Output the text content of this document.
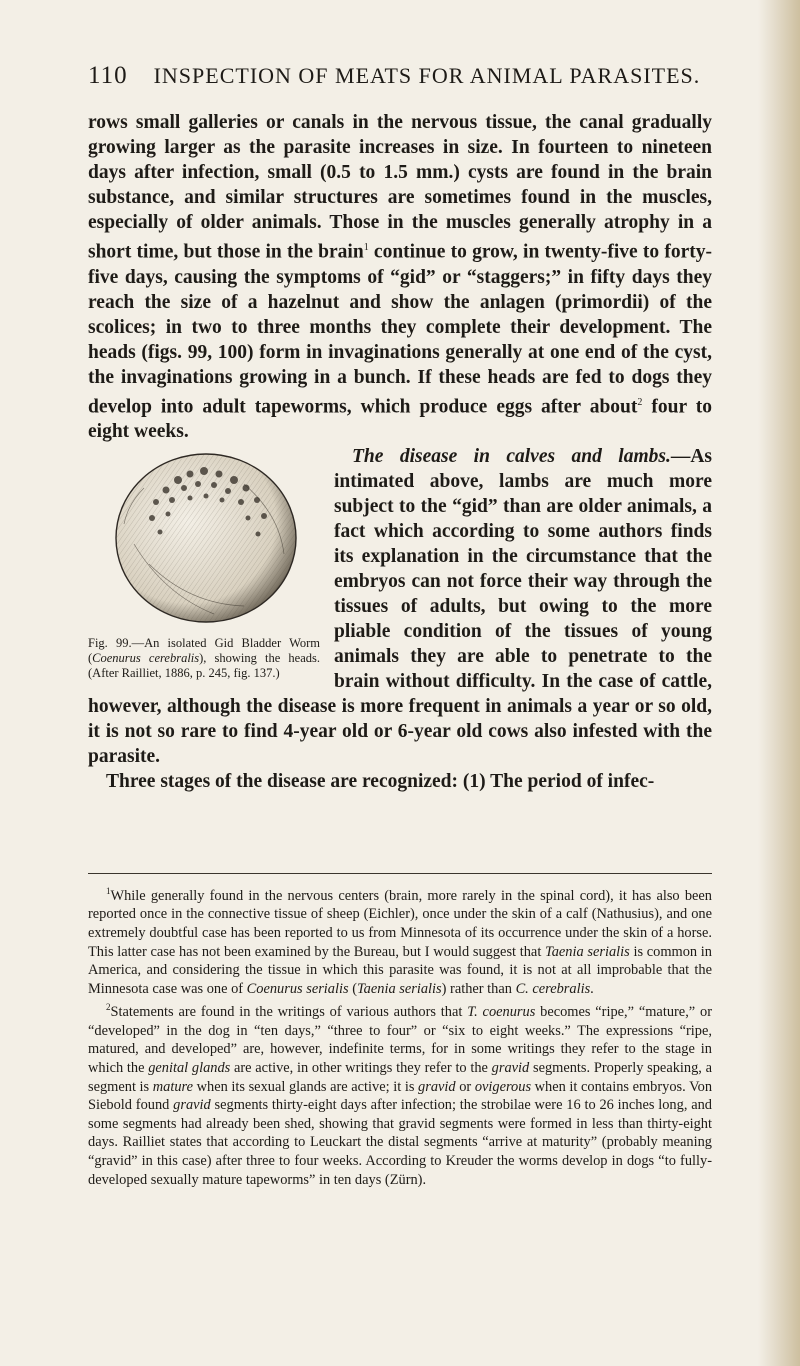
110 INSPECTION OF MEATS FOR ANIMAL PARASITES.

rows small galleries or canals in the nervous tissue, the canal gradually growing larger as the parasite increases in size. In fourteen to nineteen days after infection, small (0.5 to 1.5 mm.) cysts are found in the brain substance, and similar structures are sometimes found in the muscles, especially of older animals. Those in the muscles generally atrophy in a short time, but those in the brain$^1$ continue to grow, in twenty-five to forty-five days, causing the symptoms of “gid” or “staggers;” in fifty days they reach the size of a hazelnut and show the anlagen (primordii) of the scolices; in two to three months they complete their development. The heads (figs. 99, 100) form in invaginations generally at one end of the cyst, the invaginations growing in a bunch. If these heads are fed to dogs they develop into adult tapeworms, which produce eggs after about$^2$ four to eight weeks.

Fig. 99.—An isolated Gid Bladder Worm (Coenurus cerebralis), showing the heads. (After Railliet, 1886, p. 245, fig. 137.)

The disease in calves and lambs.—As intimated above, lambs are much more subject to the “gid” than are older animals, a fact which according to some authors finds its explanation in the circumstance that the embryos can not force their way through the tissues of adults, but owing to the more pliable condition of the tissues of young animals they are able to penetrate to the brain without difficulty. In the case of cattle, however, although the disease is more frequent in animals a year or so old, it is not so rare to find 4-year old or 6-year old cows also infested with the parasite.

Three stages of the disease are recognized: (1) The period of infec-

$^1$While generally found in the nervous centers (brain, more rarely in the spinal cord), it has also been reported once in the connective tissue of sheep (Eichler), once under the skin of a calf (Nathusius), and one extremely doubtful case has been reported to us from Minnesota of its occurrence under the skin of a horse. This latter case has not been examined by the Bureau, but I would suggest that Taenia serialis is common in America, and considering the tissue in which this parasite was found, it is not at all improbable that the Minnesota case was one of Coenurus serialis (Taenia serialis) rather than C. cerebralis.

$^2$Statements are found in the writings of various authors that T. coenurus becomes “ripe,” “mature,” or “developed” in the dog in “ten days,” “three to four” or “six to eight weeks.” The expressions “ripe, matured, and developed” are, however, indefinite terms, for in some writings they refer to the stage in which the genital glands are active, in other writings they refer to the gravid segments. Properly speaking, a segment is mature when its sexual glands are active; it is gravid or ovigerous when it contains embryos. Von Siebold found gravid segments thirty-eight days after infection; the strobilae were 16 to 26 inches long, and some segments had already been shed, showing that gravid segments were formed in less than thirty-eight days. Railliet states that according to Leuckart the distal segments “arrive at maturity” (probably meaning “gravid” in this case) after three to four weeks. According to Kreuder the worms develop in dogs “to fully-developed sexually mature tapeworms” in ten days (Zürn).
